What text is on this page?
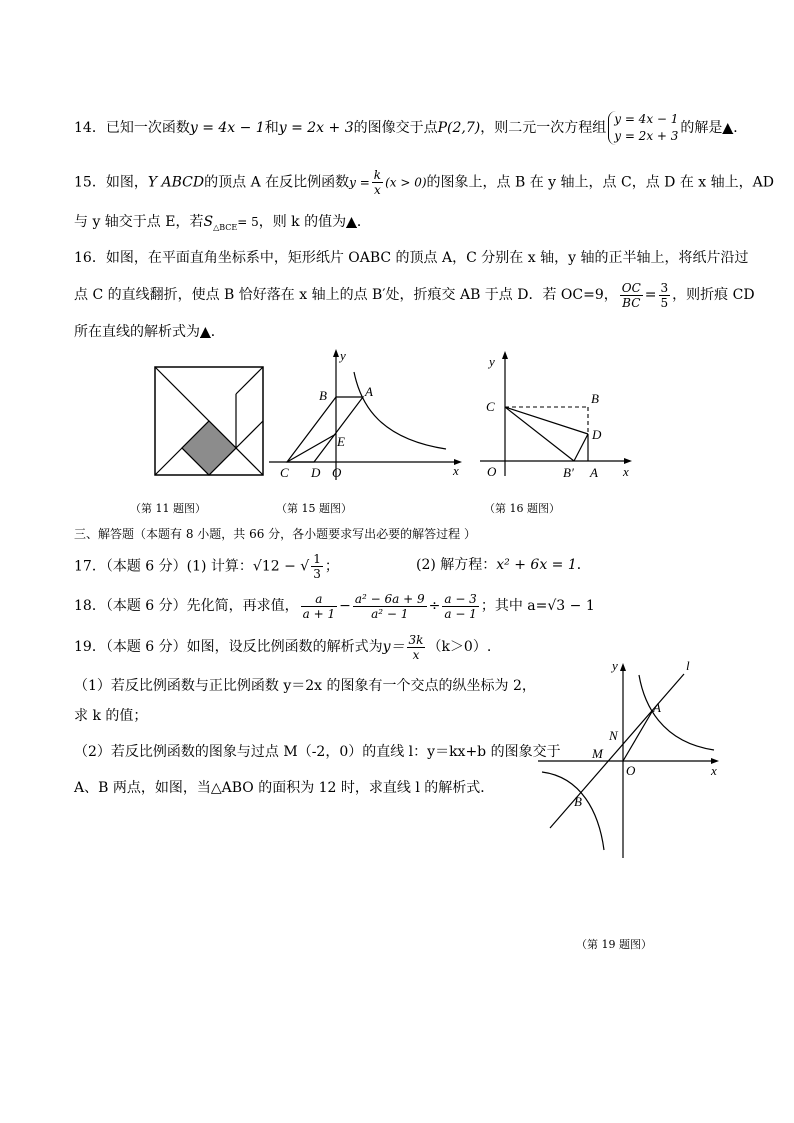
14．已知一次函数y = 4x − 1和y = 2x + 3的图像交于点P(2,7)，则二元一次方程组
y = 4x − 1
y = 2x + 3 的解是▲．
15．如图，Y ABCD的顶点 A 在反比例函数$y = \frac{k}{x} (x > 0)$的图象上，点 B 在 y 轴上，点 C，点 D 在 x 轴上，AD
与 y 轴交于点 E，若$S_{\triangle BCE}= 5$，则 k 的值为▲．
16．如图，在平面直角坐标系中，矩形纸片 OABC 的顶点 A，C 分别在 x 轴，y 轴的正半轴上，将纸片沿过
点 C 的直线翻折，使点 B 恰好落在 x 轴上的点 B′处，折痕交 AB 于点 D．若 OC=9， $\frac{OC}{BC} = \frac{3}{5}$ ，则折痕 CD
所在直线的解析式为▲．
y
x
B	A
E
C D O
y
x
C
B
D
O	B′ A
（第 11 题图）	（第 15 题图）	（第 16 题图）
三、解答题（本题有 8 小题，共 66 分，各小题要求写出必要的解答过程 ）
17．（本题 6 分）(1) 计算：√12 − √ $\frac{1}{3}$ ；	(2) 解方程：x² + 6x = 1．
18．（本题 6 分）先化简，再求值， $\frac{a}{a + 1} - \frac{\text{a² − 6a + 9}}{\text{a² − 1}} \div \frac{a - 3}{a - 1}$ ；其中 a=√3 − 1
19．（本题 6 分）如图，设反比例函数的解析式为$y= \frac{3k}{x} (k>0)$.
（1）若反比例函数与正比例函数 y＝2x 的图象有一个交点的纵坐标为 2，
求 k 的值；
（2）若反比例函数的图象与过点 M（-2，0）的直线 l：y＝kx+b 的图象交于
A、B 两点，如图，当△ABO 的面积为 12 时，求直线 l 的解析式．
y	l
A
N
M
O	x
B
（第 19 题图）
